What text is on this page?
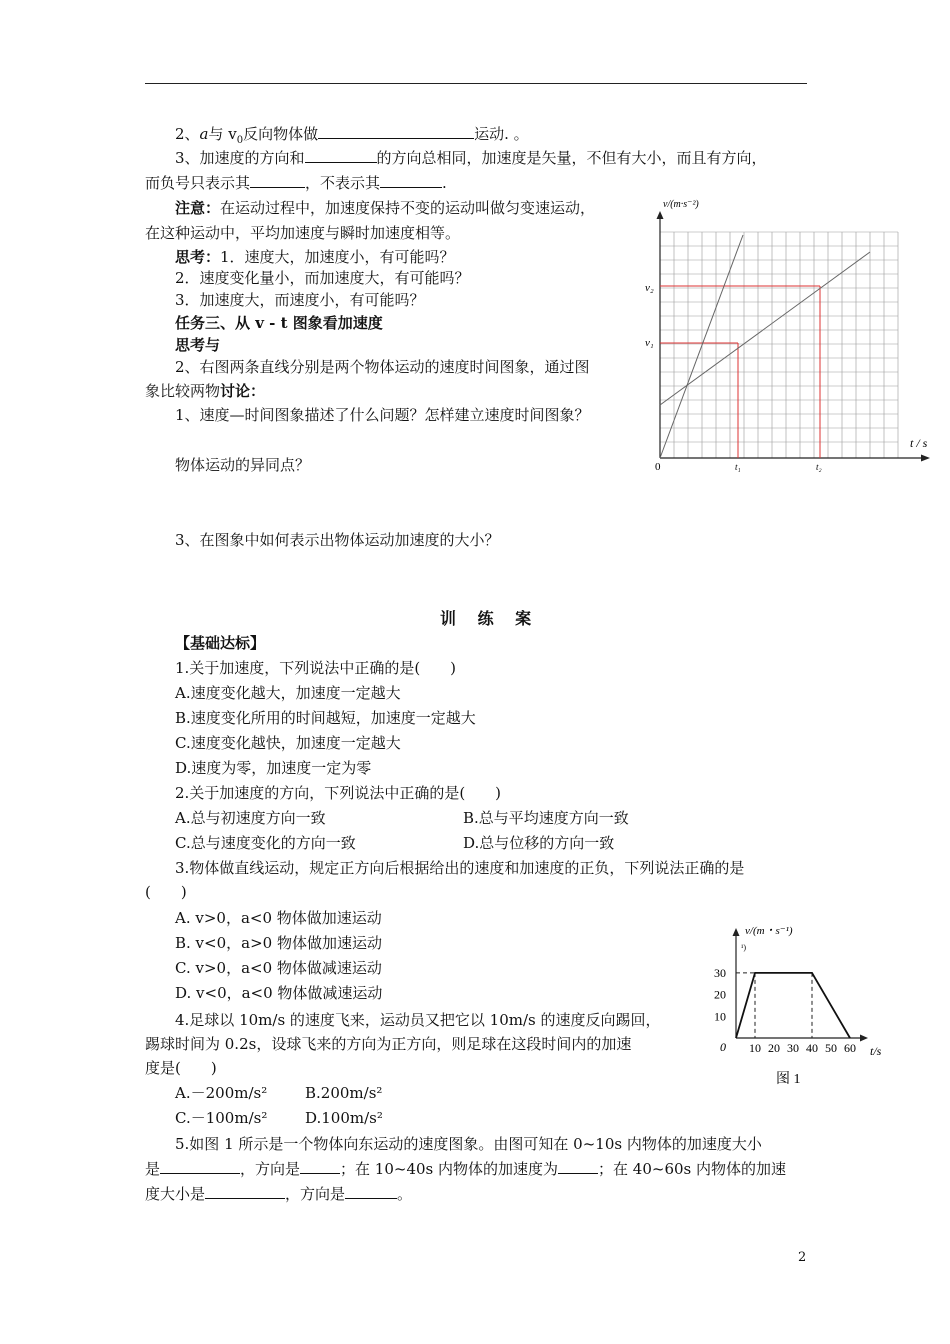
2、a与 $v_0$反向物体做	运动. 。
3、加速度的方向和	的方向总相同，加速度是矢量，不但有大小，而且有方向，
而负号只表示其	，不表示其	.
注意：在运动过程中，加速度保持不变的运动叫做匀变速运动，
在这种运动中，平均加速度与瞬时加速度相等。
思考：1．速度大，加速度小，有可能吗？
2．速度变化量小，而加速度大，有可能吗？
3．加速度大，而速度小，有可能吗？
任务三、从 v - t 图象看加速度
思考与
2、右图两条直线分别是两个物体运动的速度时间图象，通过图
象比较两物讨论：
1、速度—时间图象描述了什么问题？怎样建立速度时间图象？
物体运动的异同点？
3、在图象中如何表示出物体运动加速度的大小？
v/(m·s⁻²)
t / s
0
v₁
v₂
t₁	t₂
训 练 案
【基础达标】
1.关于加速度，下列说法中正确的是(　　)
A.速度变化越大，加速度一定越大
B.速度变化所用的时间越短，加速度一定越大
C.速度变化越快，加速度一定越大
D.速度为零，加速度一定为零
2.关于加速度的方向，下列说法中正确的是(　　)
A.总与初速度方向一致	B.总与平均速度方向一致
C.总与速度变化的方向一致	D.总与位移的方向一致
3.物体做直线运动，规定正方向后根据给出的速度和加速度的正负，下列说法正确的是
(　　)
A. v>0，a<0 物体做加速运动
B. v<0，a>0 物体做加速运动
C. v>0，a<0 物体做减速运动
D. v<0，a<0 物体做减速运动
4.足球以 10m/s 的速度飞来，运动员又把它以 10m/s 的速度反向踢回，
踢球时间为 0.2s，设球飞来的方向为正方向，则足球在这段时间内的加速
度是(　　)
A.－200m/s²	B.200m/s²
C.－100m/s²	D.100m/s²
5.如图 1 所示是一个物体向东运动的速度图象。由图可知在 0~10s 内物体的加速度大小
是	，方向是	；在 10~40s 内物体的加速度为	；在 40~60s 内物体的加速
度大小是	，方向是	。
10
20
30
10 20 30 40 50 60
v/(m・s⁻¹)
¹)
0	t/s
图 1
2
